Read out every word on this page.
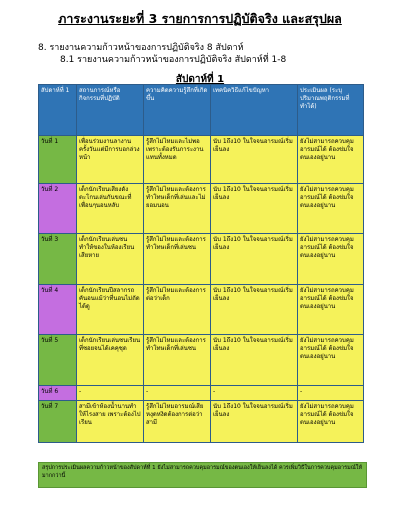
ภาระงานระยะที่ 3 รายการการปฏิบัติจริง และสรุปผล
8. รายงานความก้าวหน้าของการปฏิบัติจริง 8 สัปดาห์
8.1 รายงานความก้าวหน้าของการปฏิบัติจริง สัปดาห์ที่ 1-8
สัปดาห์ที่ 1
สัปดาห์ที่ 1	สถานการณ์หรือกิจกรรมที่ปฏิบัติ	ความคิดความรู้สึกที่เกิดขึ้น	เทคนิควิธีแก้ไขปัญหา	ประเมินผล (ระบุปริมาณพฤติกรรมที่ทำได้)
วันที่ 1	เพื่อนร่วมงานลางานครั้งวันแต่มีการบอกล่วงหน้า	รู้สึกไม่ไหมและไม่พอเพราะต้องรับภาระงานแทนทั้งหมด	นับ 1ถึง10 ในใจจนอารมณ์เริ่มเย็นลง	ยังไม่สามารถควบคุมอารมณ์ได้ ต้องข่มใจตนเองอยู่นาน
วันที่ 2	เด็กนักเรียนเสียงดัง ตะโกนเล่นกันขณะที่เพื่อนๆนอนหลับ	รู้สึกไม่ไหมและต้องการทำโทษเด็กที่เล่นและไม่ยอมนอน	นับ 1ถึง10 ในใจจนอารมณ์เริ่มเย็นลง	ยังไม่สามารถควบคุมอารมณ์ได้ ต้องข่มใจตนเองอยู่นาน
วันที่ 3	เด็กนักเรียนเล่นซน ทำให้ของในห้องเรียนเสียหาย	รู้สึกไม่ไหมและต้องการทำโทษเด็กที่เล่นซน	นับ 1ถึง10 ในใจจนอารมณ์เริ่มเย็นลง	ยังไม่สามารถควบคุมอารมณ์ได้ ต้องข่มใจตนเองอยู่นาน
วันที่ 4	เด็กนักเรียนปีสลากรถคันอนแม้ว่าที่นอนไม่ถัดได้ดู	รู้สึกไม่ไหมและต้องการต่อว่าเด็ก	นับ 1ถึง10 ในใจจนอารมณ์เริ่มเย็นลง	ยังไม่สามารถควบคุมอารมณ์ได้ ต้องข่มใจตนเองอยู่นาน
วันที่ 5	เด็กนักเรียนเล่นซนเรียนที่ซอยจนได้เคคุชุด	รู้สึกไม่ไหมและต้องการทำโทษเด็กที่เล่นซน	นับ 1ถึง10 ในใจจนอารมณ์เริ่มเย็นลง	ยังไม่สามารถควบคุมอารมณ์ได้ ต้องข่มใจตนเองอยู่นาน
วันที่ 6	-	-	-	-
วันที่ 7	สามีเข้าห้องน้ำนานทำให้ไรงสาย เพราะต้องไปเรียน	รู้สึกไม่ไหมอารมณ์เสียหงุดหงิดต้องการต่อว่าสามี	นับ 1ถึง10 ในใจจนอารมณ์เริ่มเย็นลง	ยังไม่สามารถควบคุมอารมณ์ได้ ต้องข่มใจตนเองอยู่นาน
สรุปการประเมินผลความก้าวหน้าของสัปดาห์ที่ 1 ยังไม่สามารถควบคุมอารมณ์ของตนเองให้เย็นลงได้ ควรเพิ่มวิธีในการควบคุมอารมณ์ให้มากกว่านี้
